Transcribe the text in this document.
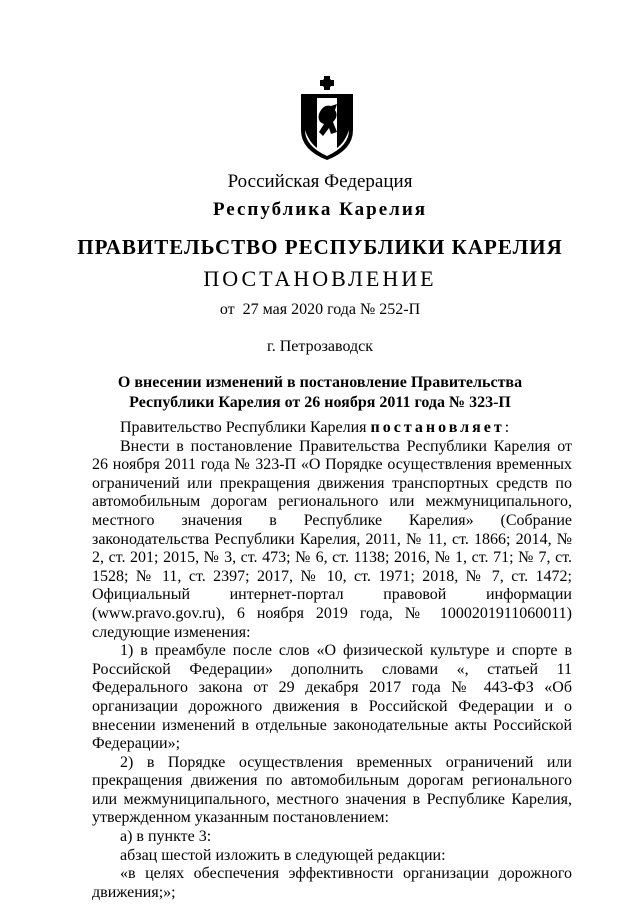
Российская Федерация
Республика Карелия
ПРАВИТЕЛЬСТВО РЕСПУБЛИКИ КАРЕЛИЯ
ПОСТАНОВЛЕНИЕ
от  27 мая 2020 года № 252-П
г. Петрозаводск
О внесении изменений в постановление Правительства
Республики Карелия от 26 ноября 2011 года № 323-П

Правительство Республики Карелия постановляет:

Внести в постановление Правительства Республики Карелия от 26 ноября 2011 года № 323-П «О Порядке осуществления временных ограничений или прекращения движения транспортных средств по автомобильным дорогам регионального или межмуниципального, местного значения в Республике Карелия» (Собрание законодательства Республики Карелия, 2011, № 11, ст. 1866; 2014, № 2, ст. 201; 2015, № 3, ст. 473; № 6, ст. 1138; 2016, № 1, ст. 71; № 7, ст. 1528; № 11, ст. 2397; 2017, № 10, ст. 1971; 2018, № 7, ст. 1472; Официальный интернет-портал правовой информации (www.pravo.gov.ru), 6 ноября 2019 года, № 1000201911060011) следующие изменения:

1) в преамбуле после слов «О физической культуре и спорте в Российской Федерации» дополнить словами «, статьей 11 Федерального закона от 29 декабря 2017 года № 443-ФЗ «Об организации дорожного движения в Российской Федерации и о внесении изменений в отдельные законодательные акты Российской Федерации»;

2) в Порядке осуществления временных ограничений или прекращения движения по автомобильным дорогам регионального или межмуниципального, местного значения в Республике Карелия, утвержденном указанным постановлением:

а) в пункте 3:

абзац шестой изложить в следующей редакции:

«в целях обеспечения эффективности организации дорожного движения;»;
